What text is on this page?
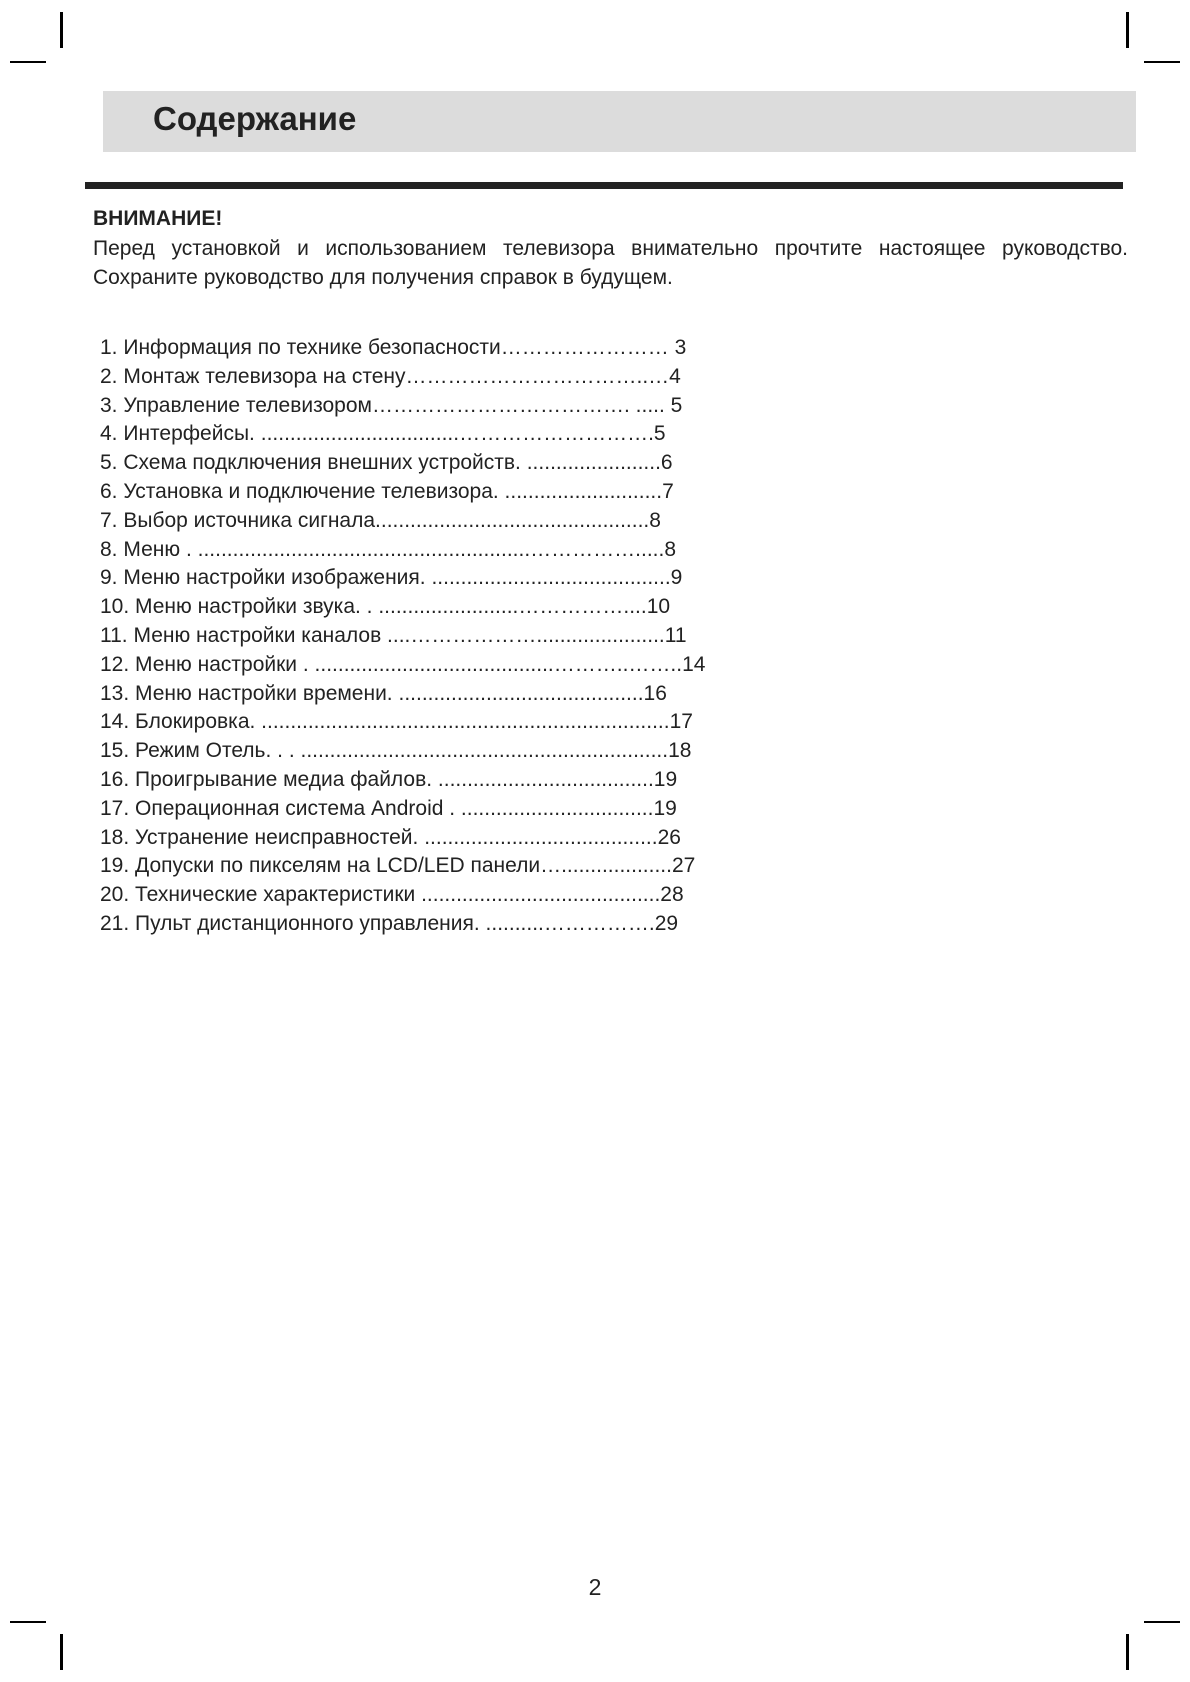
Содержание
ВНИМАНИЕ!

Перед установкой и использованием телевизора внимательно прочтите настоящее руководство. Сохраните руководство для получения справок в будущем.

1. Информация по технике безопасности…………………… 3
2. Монтаж телевизора на стену……………………………..…4
3. Управление телевизором………………………………. ..... 5
4. Интерфейсы. ..................................……………………….5
5. Схема подключения внешних устройств. .......................6
6. Установка и подключение телевизора. ...........................7
7. Выбор источника сигнала...............................................8
8. Меню . .........................................................…………….....8
9. Меню настройки изображения. .........................................9
10. Меню настройки звука. . ........................……………....10
11. Меню настройки каналов ....………………......................11
12. Меню настройки . .........................................………..……..14
13. Меню настройки времени. ..........................................16
14. Блокировка. ......................................................................17
15. Режим Отель. . . ...............................................................18
16. Проигрывание медиа файлов. .....................................19
17. Операционная система Android . .................................19
18. Устранение неисправностей. ........................................26
19. Допуски по пикселям на LCD/LED панели…...................27
20. Технические характеристики .........................................28
21. Пульт дистанционного управления. ..........…………….29
2
